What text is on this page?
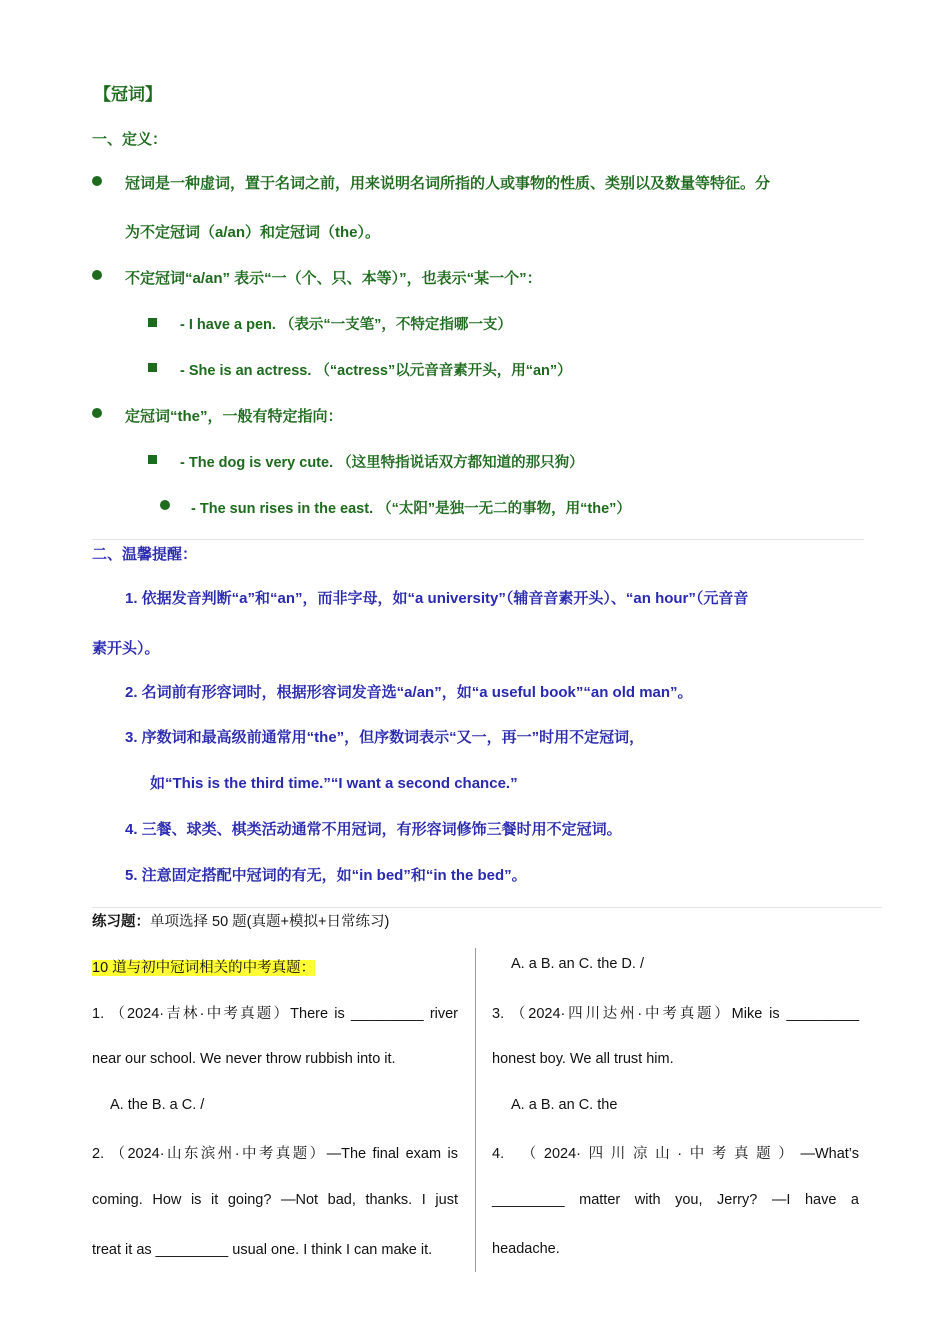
【冠词】
一、定义：
冠词是一种虚词，置于名词之前，用来说明名词所指的人或事物的性质、类别以及数量等特征。分
为不定冠词（a/an）和定冠词（the）。
不定冠词“a/an” 表示“一（个、只、本等）”，也表示“某一个”：
- I have a pen. （表示“一支笔”，不特定指哪一支）
- She is an actress. （“actress”以元音音素开头，用“an”）
定冠词“the”，一般有特定指向：
- The dog is very cute. （这里特指说话双方都知道的那只狗）
- The sun rises in the east. （“太阳”是独一无二的事物，用“the”）
二、温馨提醒：
1. 依据发音判断“a”和“an”，而非字母，如“a university”（辅音音素开头）、“an hour”（元音音
素开头）。
2. 名词前有形容词时，根据形容词发音选“a/an”，如“a useful book”“an old man”。
3. 序数词和最高级前通常用“the”，但序数词表示“又一，再一”时用不定冠词，
如“This is the third time.”“I want a second chance.”
4. 三餐、球类、棋类活动通常不用冠词，有形容词修饰三餐时用不定冠词。
5. 注意固定搭配中冠词的有无，如“in bed”和“in the bed”。
练习题：单项选择 50 题(真题+模拟+日常练习)
10 道与初中冠词相关的中考真题：
1. （2024·吉林·中考真题）There is _________ river
near our school. We never throw rubbish into it.
A. the B. a C. /
2. （2024·山东滨州·中考真题）—The final exam is
coming. How is it going? —Not bad, thanks. I just
treat it as _________ usual one. I think I can make it.
A. a B. an C. the D. /
3. （2024·四川达州·中考真题）Mike is _________
honest boy. We all trust him.
A. a B. an C. the
4. （2024·四川凉山·中考真题）—What’s
_________ matter with you, Jerry? —I have a
headache.
